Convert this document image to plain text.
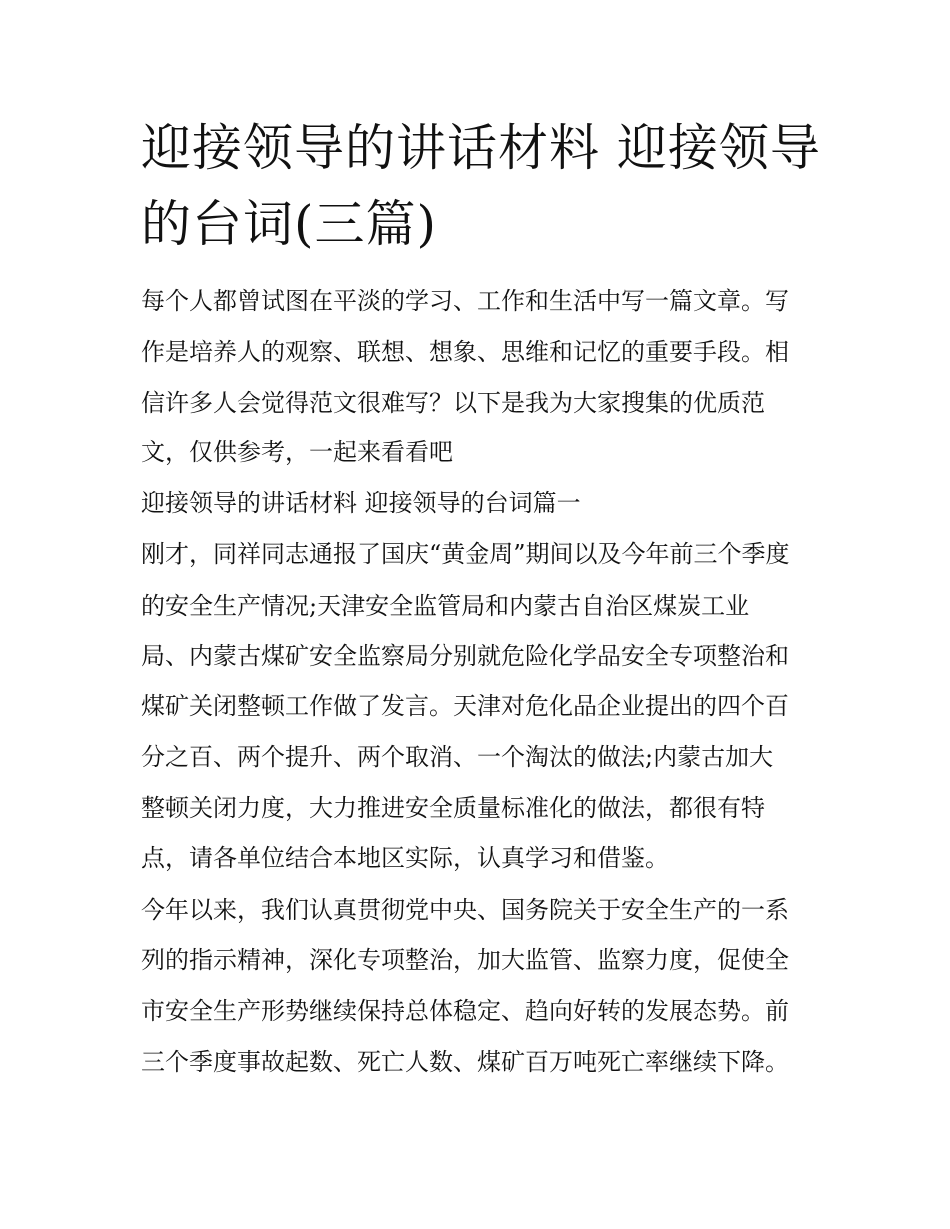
迎接领导的讲话材料 迎接领导
的台词(三篇)

每个人都曾试图在平淡的学习、工作和生活中写一篇文章。写

作是培养人的观察、联想、想象、思维和记忆的重要手段。相

信许多人会觉得范文很难写？以下是我为大家搜集的优质范

文，仅供参考，一起来看看吧

迎接领导的讲话材料 迎接领导的台词篇一

刚才，同祥同志通报了国庆“黄金周”期间以及今年前三个季度

的安全生产情况;天津安全监管局和内蒙古自治区煤炭工业

局、内蒙古煤矿安全监察局分别就危险化学品安全专项整治和

煤矿关闭整顿工作做了发言。天津对危化品企业提出的四个百

分之百、两个提升、两个取消、一个淘汰的做法;内蒙古加大

整顿关闭力度，大力推进安全质量标准化的做法，都很有特

点，请各单位结合本地区实际，认真学习和借鉴。

今年以来，我们认真贯彻党中央、国务院关于安全生产的一系

列的指示精神，深化专项整治，加大监管、监察力度，促使全

市安全生产形势继续保持总体稳定、趋向好转的发展态势。前

三个季度事故起数、死亡人数、煤矿百万吨死亡率继续下降。
